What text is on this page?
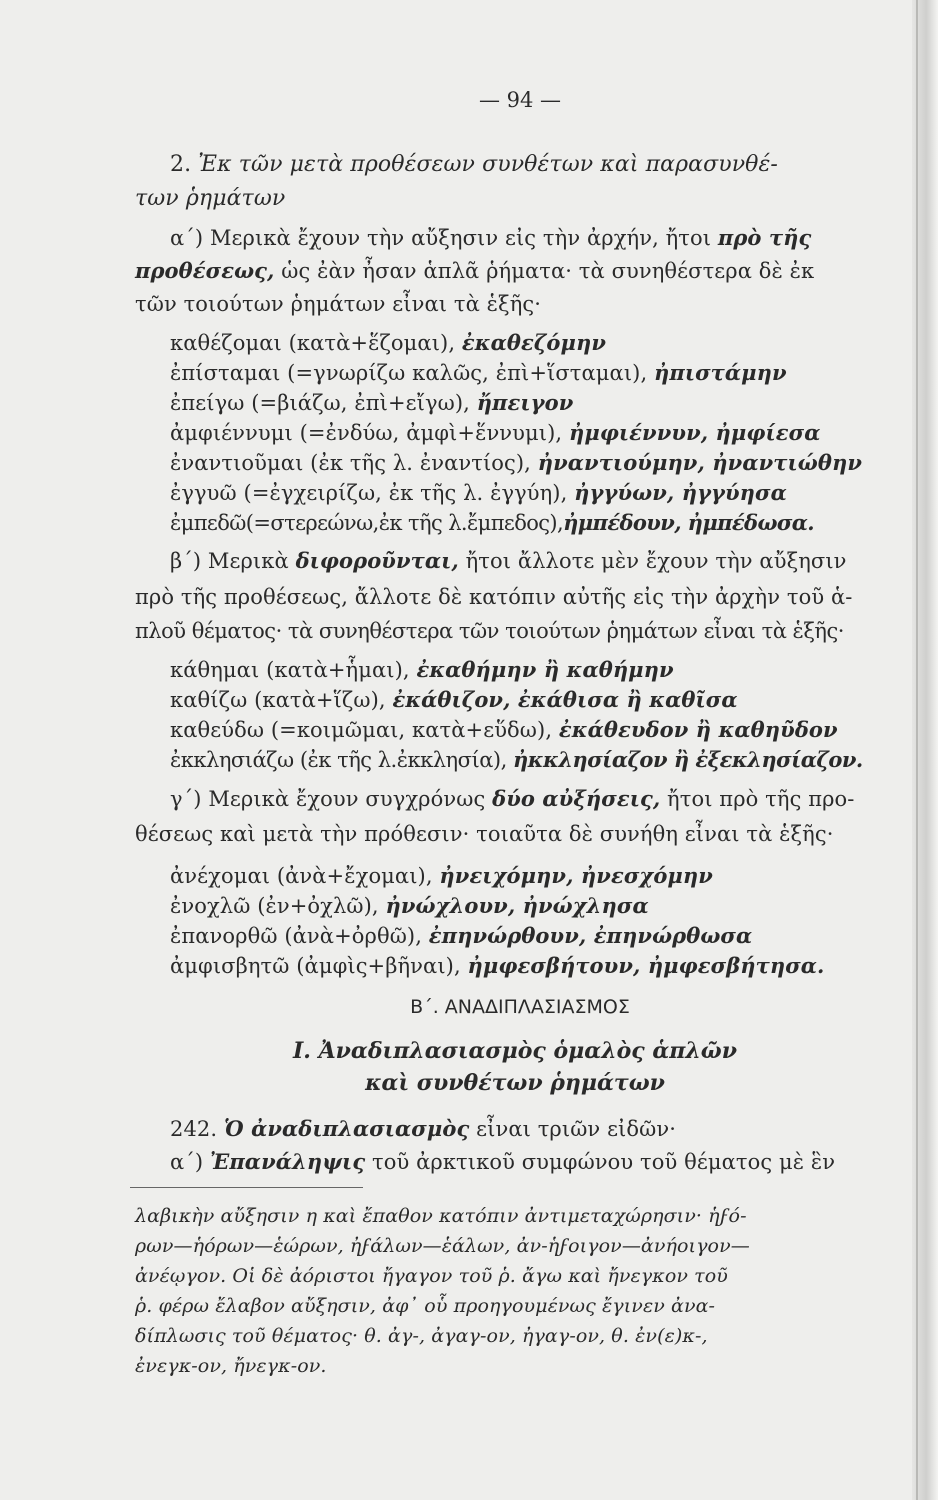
— 94 —
2. Ἐκ τῶν μετὰ προθέσεων συνθέτων καὶ παρασυνθέ-
των ῥημάτων
α΄) Μερικὰ ἔχουν τὴν αὔξησιν εἰς τὴν ἀρχήν, ἤτοι πρὸ τῆς
προθέσεως, ὡς ἐὰν ἦσαν ἁπλᾶ ῥήματα· τὰ συνηθέστερα δὲ ἐκ
τῶν τοιούτων ῥημάτων εἶναι τὰ ἑξῆς·
καθέζομαι (κατὰ+ἕζομαι), ἐκαθεζόμην
ἐπίσταμαι (=γνωρίζω καλῶς, ἐπὶ+ἵσταμαι), ἠπιστάμην
ἐπείγω (=βιάζω, ἐπὶ+εἴγω), ἤπειγον
ἀμφιέννυμι (=ἐνδύω, ἀμφὶ+ἕννυμι), ἠμφιέννυν, ἠμφίεσα
ἐναντιοῦμαι (ἐκ τῆς λ. ἐναντίος), ἠναντιούμην, ἠναντιώθην
ἐγγυῶ (=ἐγχειρίζω, ἐκ τῆς λ. ἐγγύη), ἠγγύων, ἠγγύησα
ἐμπεδῶ(=στερεώνω,ἐκ τῆς λ.ἔμπεδος),ἠμπέδουν, ἠμπέδωσα.
β΄) Μερικὰ διφοροῦνται, ἤτοι ἄλλοτε μὲν ἔχουν τὴν αὔξησιν
πρὸ τῆς προθέσεως, ἄλλοτε δὲ κατόπιν αὐτῆς εἰς τὴν ἀρχὴν τοῦ ἁ-
πλοῦ θέματος· τὰ συνηθέστερα τῶν τοιούτων ῥημάτων εἶναι τὰ ἑξῆς·
κάθημαι (κατὰ+ἧμαι), ἐκαθήμην ἢ καθήμην
καθίζω (κατὰ+ἵζω), ἐκάθιζον, ἐκάθισα ἢ καθῖσα
καθεύδω (=κοιμῶμαι, κατὰ+εὕδω), ἐκάθευδον ἢ καθηῦδον
ἐκκλησιάζω (ἐκ τῆς λ.ἐκκλησία), ἠκκλησίαζον ἢ ἐξεκλησίαζον.
γ΄) Μερικὰ ἔχουν συγχρόνως δύο αὐξήσεις, ἤτοι πρὸ τῆς προ-
θέσεως καὶ μετὰ τὴν πρόθεσιν· τοιαῦτα δὲ συνήθη εἶναι τὰ ἑξῆς·
ἀνέχομαι (ἀνὰ+ἔχομαι), ἠνειχόμην, ἠνεσχόμην
ἐνοχλῶ (ἐν+ὀχλῶ), ἠνώχλουν, ἠνώχλησα
ἐπανορθῶ (ἀνὰ+ὀρθῶ), ἐπηνώρθουν, ἐπηνώρθωσα
ἀμφισβητῶ (ἀμφὶς+βῆναι), ἠμφεσβήτουν, ἠμφεσβήτησα.
Β΄. ΑΝΑΔΙΠΛΑΣΙΑΣΜΟΣ
I. Ἀναδιπλασιασμὸς ὁμαλὸς ἁπλῶν
καὶ συνθέτων ῥημάτων
242. Ὁ ἀναδιπλασιασμὸς εἶναι τριῶν εἰδῶν·
α΄) Ἐπανάληψις τοῦ ἀρκτικοῦ συμφώνου τοῦ θέματος μὲ ἓν
λαβικὴν αὔξησιν η καὶ ἔπαθον κατόπιν ἀντιμεταχώρησιν· ἡϝό-
ρων—ἡόρων—ἑώρων, ἠϝάλων—ἑάλων, ἀν-ἡϝοιγον—ἀνήοιγον—
ἀνέῳγον. Οἱ δὲ ἀόριστοι ἤγαγον τοῦ ῥ. ἄγω καὶ ἤνεγκον τοῦ
ῥ. φέρω ἔλαβον αὔξησιν, ἀφ᾿ οὗ προηγουμένως ἔγινεν ἀνα-
δίπλωσις τοῦ θέματος· θ. ἀγ-, ἀγαγ-ον, ἠγαγ-ον, θ. ἐν(ε)κ-,
ἐνεγκ-ον, ἤνεγκ-ον.
